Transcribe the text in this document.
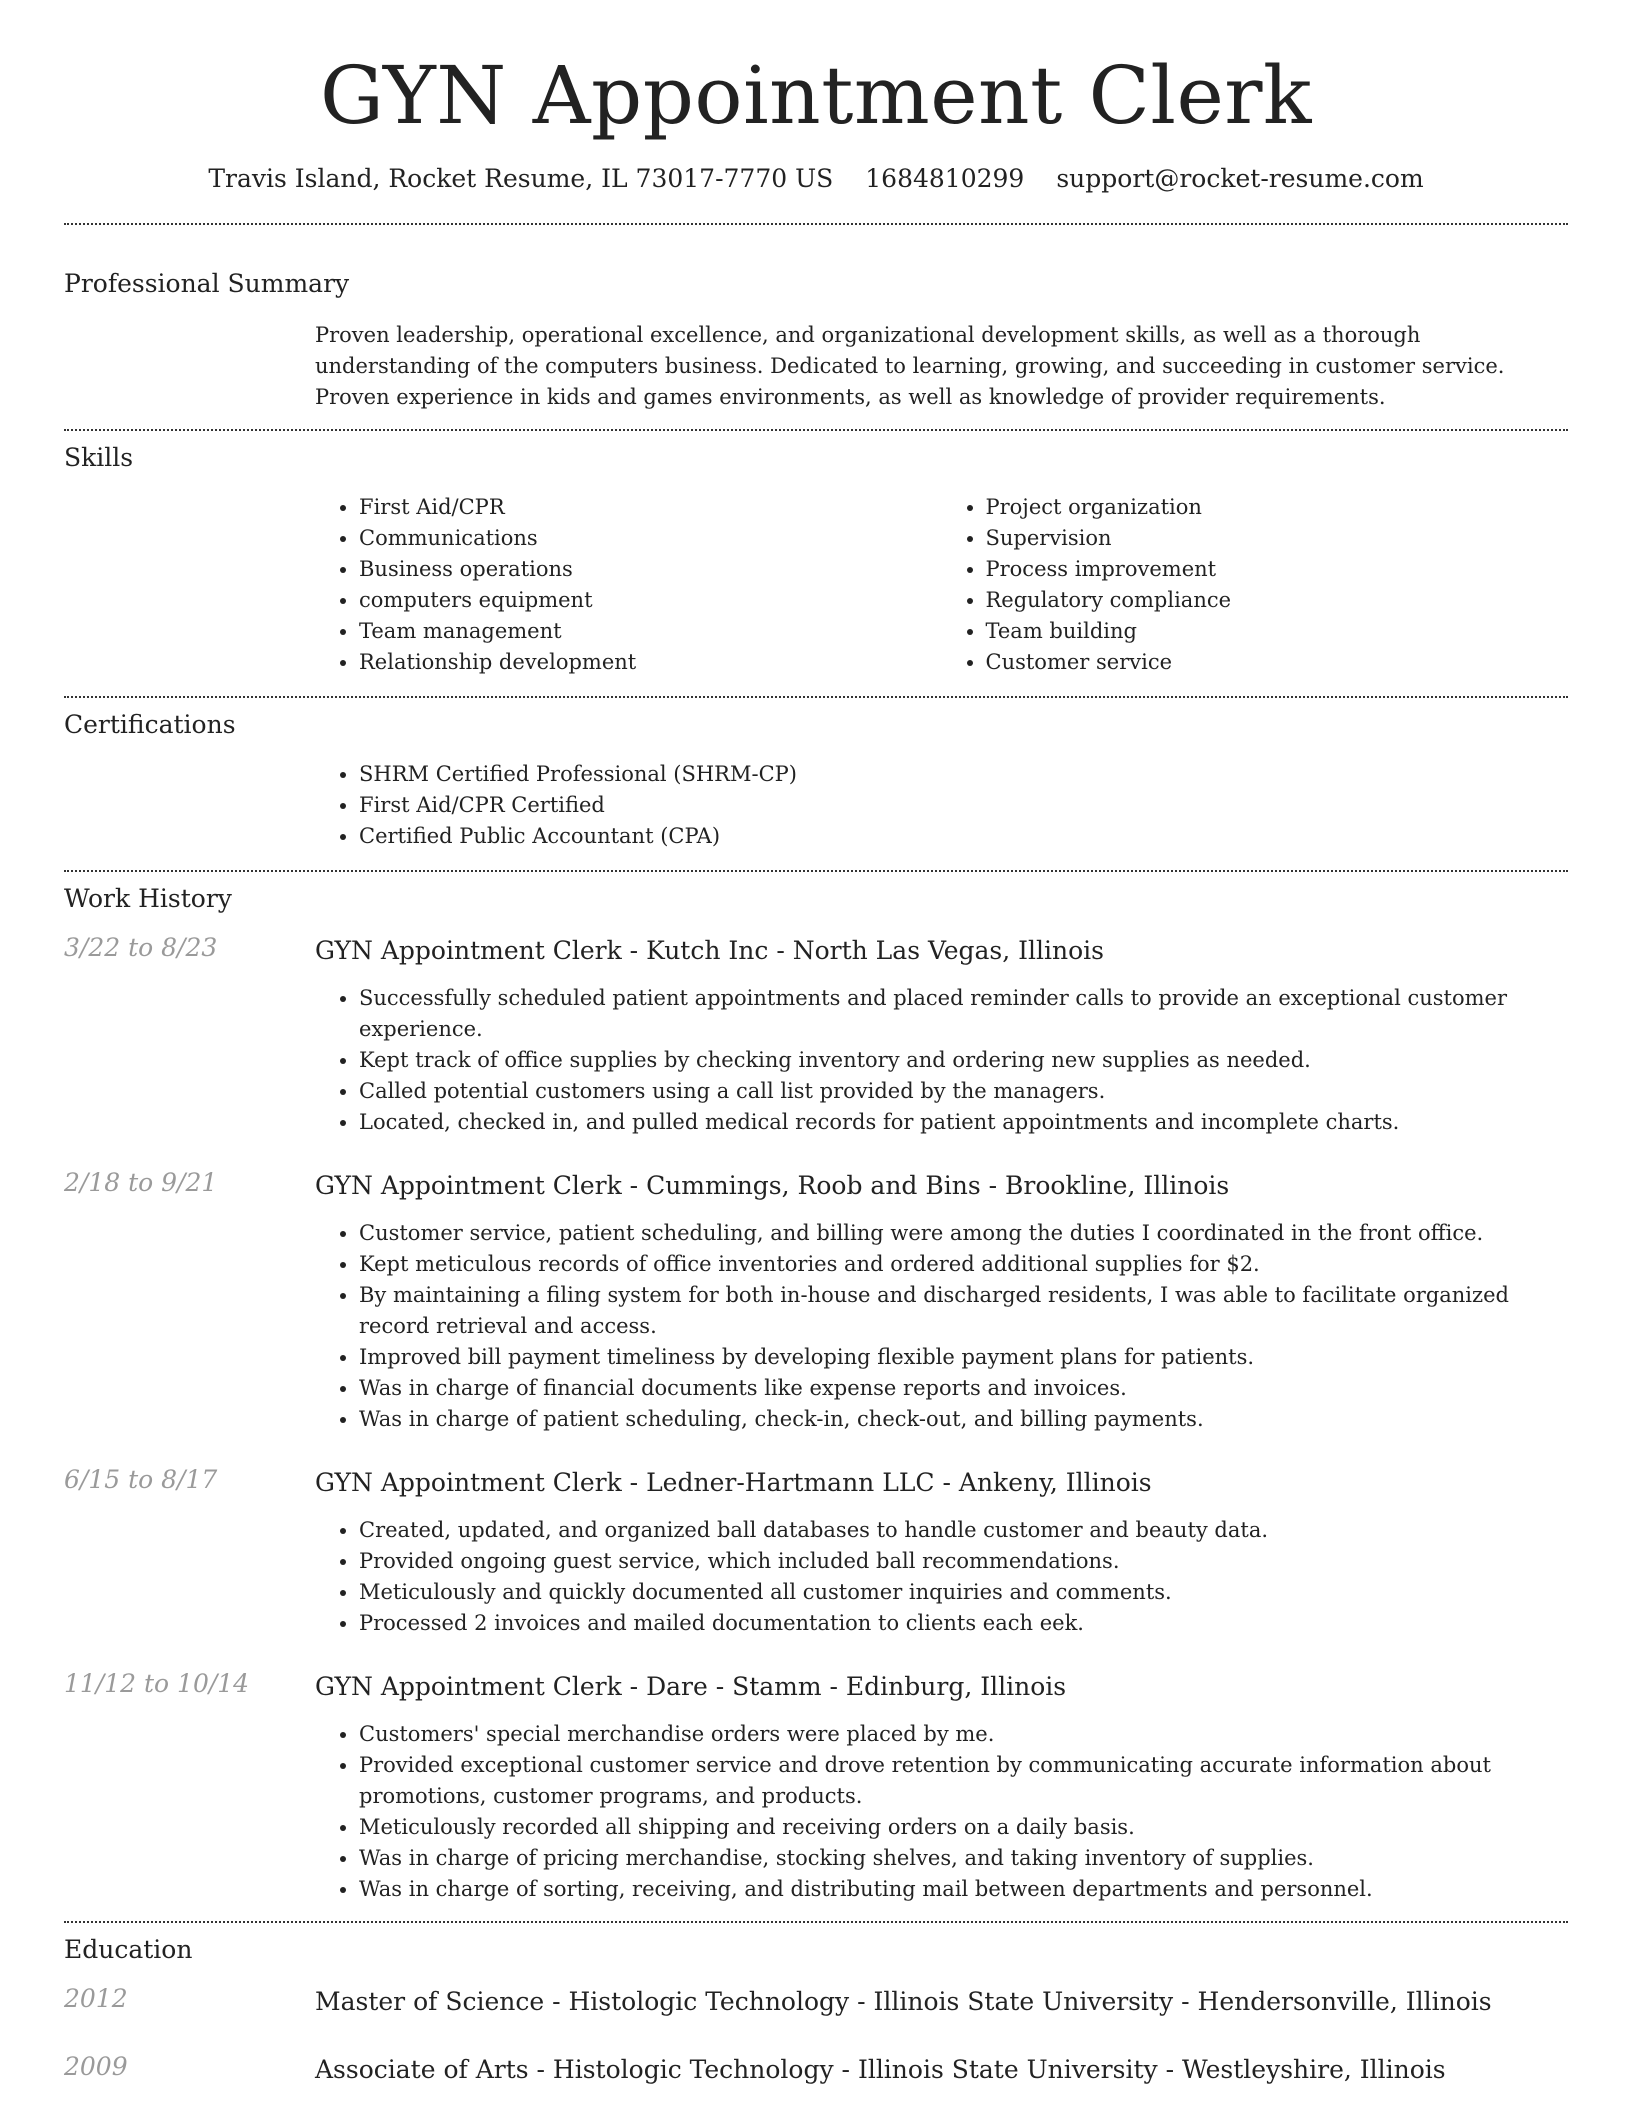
GYN Appointment Clerk
Travis Island, Rocket Resume, IL 73017-7770 US 1684810299 support@rocket-resume.com
Professional Summary
Proven leadership, operational excellence, and organizational development skills, as well as a thorough understanding of the computers business. Dedicated to learning, growing, and succeeding in customer service. Proven experience in kids and games environments, as well as knowledge of provider requirements.
Skills
• First Aid/CPR
• Communications
• Business operations
• computers equipment
• Team management
• Relationship development
• Project organization
• Supervision
• Process improvement
• Regulatory compliance
• Team building
• Customer service
Certifications
• SHRM Certified Professional (SHRM-CP)
• First Aid/CPR Certified
• Certified Public Accountant (CPA)
Work History
3/22 to 8/23	GYN Appointment Clerk - Kutch Inc - North Las Vegas, Illinois
• Successfully scheduled patient appointments and placed reminder calls to provide an exceptional customer experience.
• Kept track of office supplies by checking inventory and ordering new supplies as needed.
• Called potential customers using a call list provided by the managers.
• Located, checked in, and pulled medical records for patient appointments and incomplete charts.
2/18 to 9/21	GYN Appointment Clerk - Cummings, Roob and Bins - Brookline, Illinois
• Customer service, patient scheduling, and billing were among the duties I coordinated in the front office.
• Kept meticulous records of office inventories and ordered additional supplies for $2.
• By maintaining a filing system for both in-house and discharged residents, I was able to facilitate organized record retrieval and access.
• Improved bill payment timeliness by developing flexible payment plans for patients.
• Was in charge of financial documents like expense reports and invoices.
• Was in charge of patient scheduling, check-in, check-out, and billing payments.
6/15 to 8/17	GYN Appointment Clerk - Ledner-Hartmann LLC - Ankeny, Illinois
• Created, updated, and organized ball databases to handle customer and beauty data.
• Provided ongoing guest service, which included ball recommendations.
• Meticulously and quickly documented all customer inquiries and comments.
• Processed 2 invoices and mailed documentation to clients each eek.
11/12 to 10/14	GYN Appointment Clerk - Dare - Stamm - Edinburg, Illinois
• Customers' special merchandise orders were placed by me.
• Provided exceptional customer service and drove retention by communicating accurate information about promotions, customer programs, and products.
• Meticulously recorded all shipping and receiving orders on a daily basis.
• Was in charge of pricing merchandise, stocking shelves, and taking inventory of supplies.
• Was in charge of sorting, receiving, and distributing mail between departments and personnel.
Education
2012	Master of Science - Histologic Technology - Illinois State University - Hendersonville, Illinois
2009	Associate of Arts - Histologic Technology - Illinois State University - Westleyshire, Illinois
